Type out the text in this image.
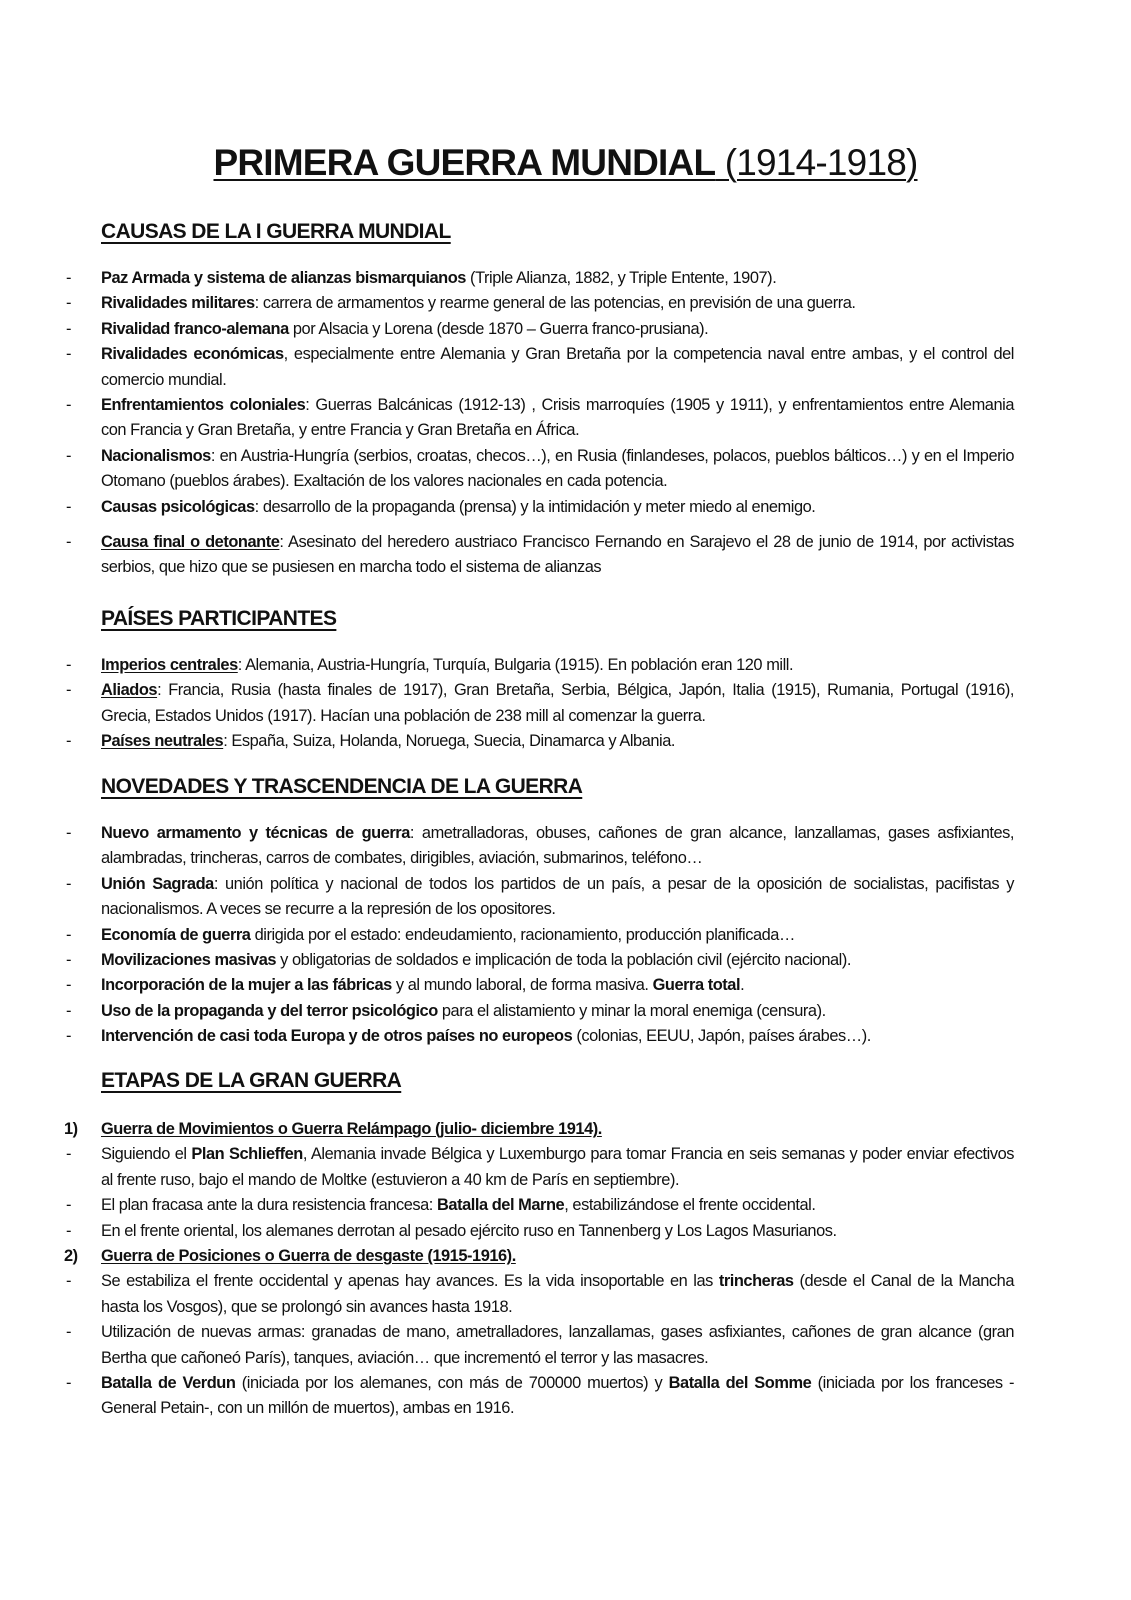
PRIMERA GUERRA MUNDIAL (1914-1918)
CAUSAS DE LA I GUERRA MUNDIAL
- Paz Armada y sistema de alianzas bismarquianos (Triple Alianza, 1882, y Triple Entente, 1907).
- Rivalidades militares: carrera de armamentos y rearme general de las potencias, en previsión de una guerra.
- Rivalidad franco-alemana por Alsacia y Lorena (desde 1870 – Guerra franco-prusiana).
- Rivalidades económicas, especialmente entre Alemania y Gran Bretaña por la competencia naval entre ambas, y el control del comercio mundial.
- Enfrentamientos coloniales: Guerras Balcánicas (1912-13) , Crisis marroquíes (1905 y 1911), y enfrentamientos entre Alemania con Francia y Gran Bretaña, y entre Francia y Gran Bretaña en África.
- Nacionalismos: en Austria-Hungría (serbios, croatas, checos…), en Rusia (finlandeses, polacos, pueblos bálticos…) y en el Imperio Otomano (pueblos árabes). Exaltación de los valores nacionales en cada potencia.
- Causas psicológicas: desarrollo de la propaganda (prensa) y la intimidación y meter miedo al enemigo.
- Causa final o detonante: Asesinato del heredero austriaco Francisco Fernando en Sarajevo el 28 de junio de 1914, por activistas serbios, que hizo que se pusiesen en marcha todo el sistema de alianzas
PAÍSES PARTICIPANTES
- Imperios centrales: Alemania, Austria-Hungría, Turquía, Bulgaria (1915). En población eran 120 mill.
- Aliados: Francia, Rusia (hasta finales de 1917), Gran Bretaña, Serbia, Bélgica, Japón, Italia (1915), Rumania, Portugal (1916), Grecia, Estados Unidos (1917). Hacían una población de 238 mill al comenzar la guerra.
- Países neutrales: España, Suiza, Holanda, Noruega, Suecia, Dinamarca y Albania.
NOVEDADES Y TRASCENDENCIA DE LA GUERRA
- Nuevo armamento y técnicas de guerra: ametralladoras, obuses, cañones de gran alcance, lanzallamas, gases asfixiantes, alambradas, trincheras, carros de combates, dirigibles, aviación, submarinos, teléfono…
- Unión Sagrada: unión política y nacional de todos los partidos de un país, a pesar de la oposición de socialistas, pacifistas y nacionalismos. A veces se recurre a la represión de los opositores.
- Economía de guerra dirigida por el estado: endeudamiento, racionamiento, producción planificada…
- Movilizaciones masivas y obligatorias de soldados e implicación de toda la población civil (ejército nacional).
- Incorporación de la mujer a las fábricas y al mundo laboral, de forma masiva. Guerra total.
- Uso de la propaganda y del terror psicológico para el alistamiento y minar la moral enemiga (censura).
- Intervención de casi toda Europa y de otros países no europeos (colonias, EEUU, Japón, países árabes…).
ETAPAS DE LA GRAN GUERRA
1) Guerra de Movimientos o Guerra Relámpago (julio- diciembre 1914).
- Siguiendo el Plan Schlieffen, Alemania invade Bélgica y Luxemburgo para tomar Francia en seis semanas y poder enviar efectivos al frente ruso, bajo el mando de Moltke (estuvieron a 40 km de París en septiembre).
- El plan fracasa ante la dura resistencia francesa: Batalla del Marne, estabilizándose el frente occidental.
- En el frente oriental, los alemanes derrotan al pesado ejército ruso en Tannenberg y Los Lagos Masurianos.
2) Guerra de Posiciones o Guerra de desgaste (1915-1916).
- Se estabiliza el frente occidental y apenas hay avances. Es la vida insoportable en las trincheras (desde el Canal de la Mancha hasta los Vosgos), que se prolongó sin avances hasta 1918.
- Utilización de nuevas armas: granadas de mano, ametralladores, lanzallamas, gases asfixiantes, cañones de gran alcance (gran Bertha que cañoneó París), tanques, aviación… que incrementó el terror y las masacres.
- Batalla de Verdun (iniciada por los alemanes, con más de 700000 muertos) y Batalla del Somme (iniciada por los franceses -General Petain-, con un millón de muertos), ambas en 1916.
